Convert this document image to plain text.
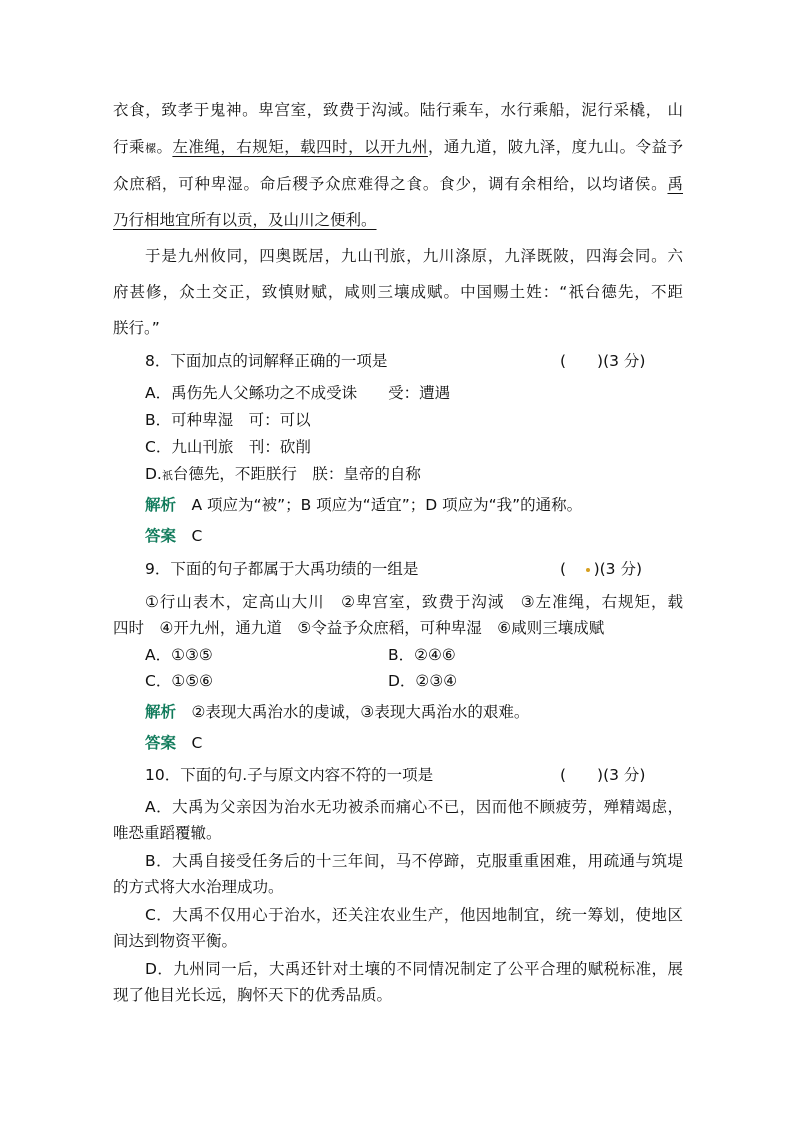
衣食，致孝于鬼神。卑宫室，致费于沟淢。陆行乘车，水行乘船，泥行采橇， 山
行乘樏。左准绳，右规矩，载四时，以开九州，通九道，陂九泽，度九山。令益予
众庶稻，可种卑湿。命后稷予众庶难得之食。食少，调有余相给，以均诸侯。禹
乃行相地宜所有以贡，及山川之便利。
于是九州攸同，四奥既居，九山刊旅，九川涤原，九泽既陂，四海会同。六
府甚修，众土交正，致慎财赋，咸则三壤成赋。中国赐土姓：“祇台德先，不距
朕行。”
8．下面加点的词解释正确的一项是	(　　)(3 分)
A．禹伤先人父鲧功之不成受诛　　受：遭遇
B．可种卑湿　可：可以
C．九山刊旅　刊：砍削
D.祇台德先，不距朕行　朕：皇帝的自称
解析　 A 项应为“被”；B 项应为“适宜”；D 项应为“我”的通称。
答案　 C
9．下面的句子都属于大禹功绩的一组是	(　 )(3 分)
①行山表木，定高山大川　②卑宫室，致费于沟淢　③左准绳，右规矩，载
四时　④开九州，通九道　⑤令益予众庶稻，可种卑湿　⑥咸则三壤成赋
A．①③⑤	B．②④⑥
C．①⑤⑥	D．②③④
解析　 ②表现大禹治水的虔诚，③表现大禹治水的艰难。
答案　 C
10．下面的句.子与原文内容不符的一项是	(　　)(3 分)
A．大禹为父亲因为治水无功被杀而痛心不已，因而他不顾疲劳，殚精竭虑，
唯恐重蹈覆辙。
B．大禹自接受任务后的十三年间，马不停蹄，克服重重困难，用疏通与筑堤
的方式将大水治理成功。
C．大禹不仅用心于治水，还关注农业生产，他因地制宜，统一筹划，使地区
间达到物资平衡。
D．九州同一后，大禹还针对土壤的不同情况制定了公平合理的赋税标准，展
现了他目光长远，胸怀天下的优秀品质。
